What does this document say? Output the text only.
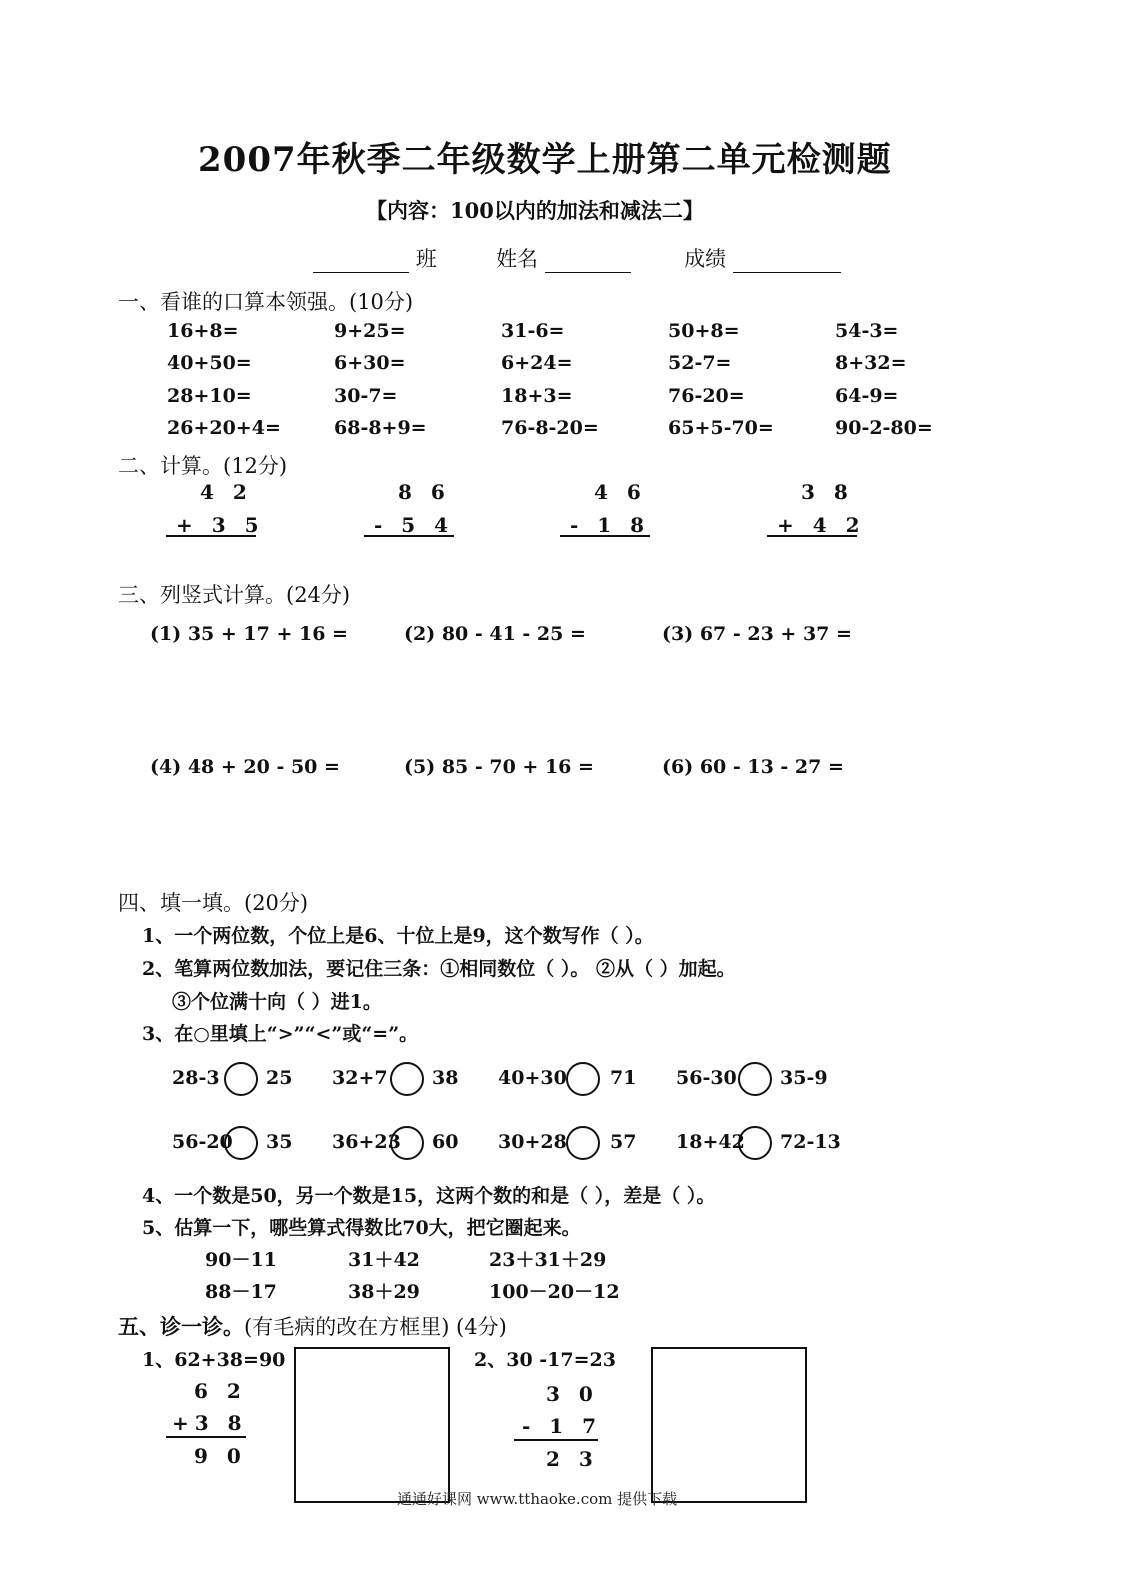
2007年秋季二年级数学上册第二单元检测题
【内容：100以内的加法和减法二】
班	姓名	成绩
一、看谁的口算本领强。(10分)
16+8=	9+25=	31-6=	50+8=	54-3=
40+50=	6+30=	6+24=	52-7=	8+32=
28+10=	30-7=	18+3=	76-20=	64-9=
26+20+4=	68-8+9=	76-8-20=	65+5-70=	90-2-80=
二、计算。(12分)
4 2
+ 3 5
8 6
- 5 4
4 6
- 1 8
3 8
+ 4 2
三、列竖式计算。(24分)
(1) 35 + 17 + 16 =	(2) 80 - 41 - 25 =	(3) 67 - 23 + 37 =
(4) 48 + 20 - 50 =	(5) 85 - 70 + 16 =	(6) 60 - 13 - 27 =
四、填一填。(20分)
1、一个两位数，个位上是6、十位上是9，这个数写作（ ）。
2、笔算两位数加法，要记住三条：①相同数位（ ）。 ②从（ ）加起。
③个位满十向（ ）进1。
3、在○里填上“>”“<”或“=”。
28-3 25 32+7 38 40+30 71 56-30 35-9
56-20 35 36+23 60 30+28 57 18+42 72-13
4、一个数是50，另一个数是15，这两个数的和是（ ），差是（ ）。
5、估算一下，哪些算式得数比70大，把它圈起来。
90－11	31＋42	23＋31＋29
88－17	38＋29	100－20－12
五、诊一诊。(有毛病的改在方框里) (4分)
1、62+38=90
6 2
+3 8
9 0
2、30 -17=23
3 0
- 1 7
2 3
通通好课网 www.tthaoke.com 提供下载
